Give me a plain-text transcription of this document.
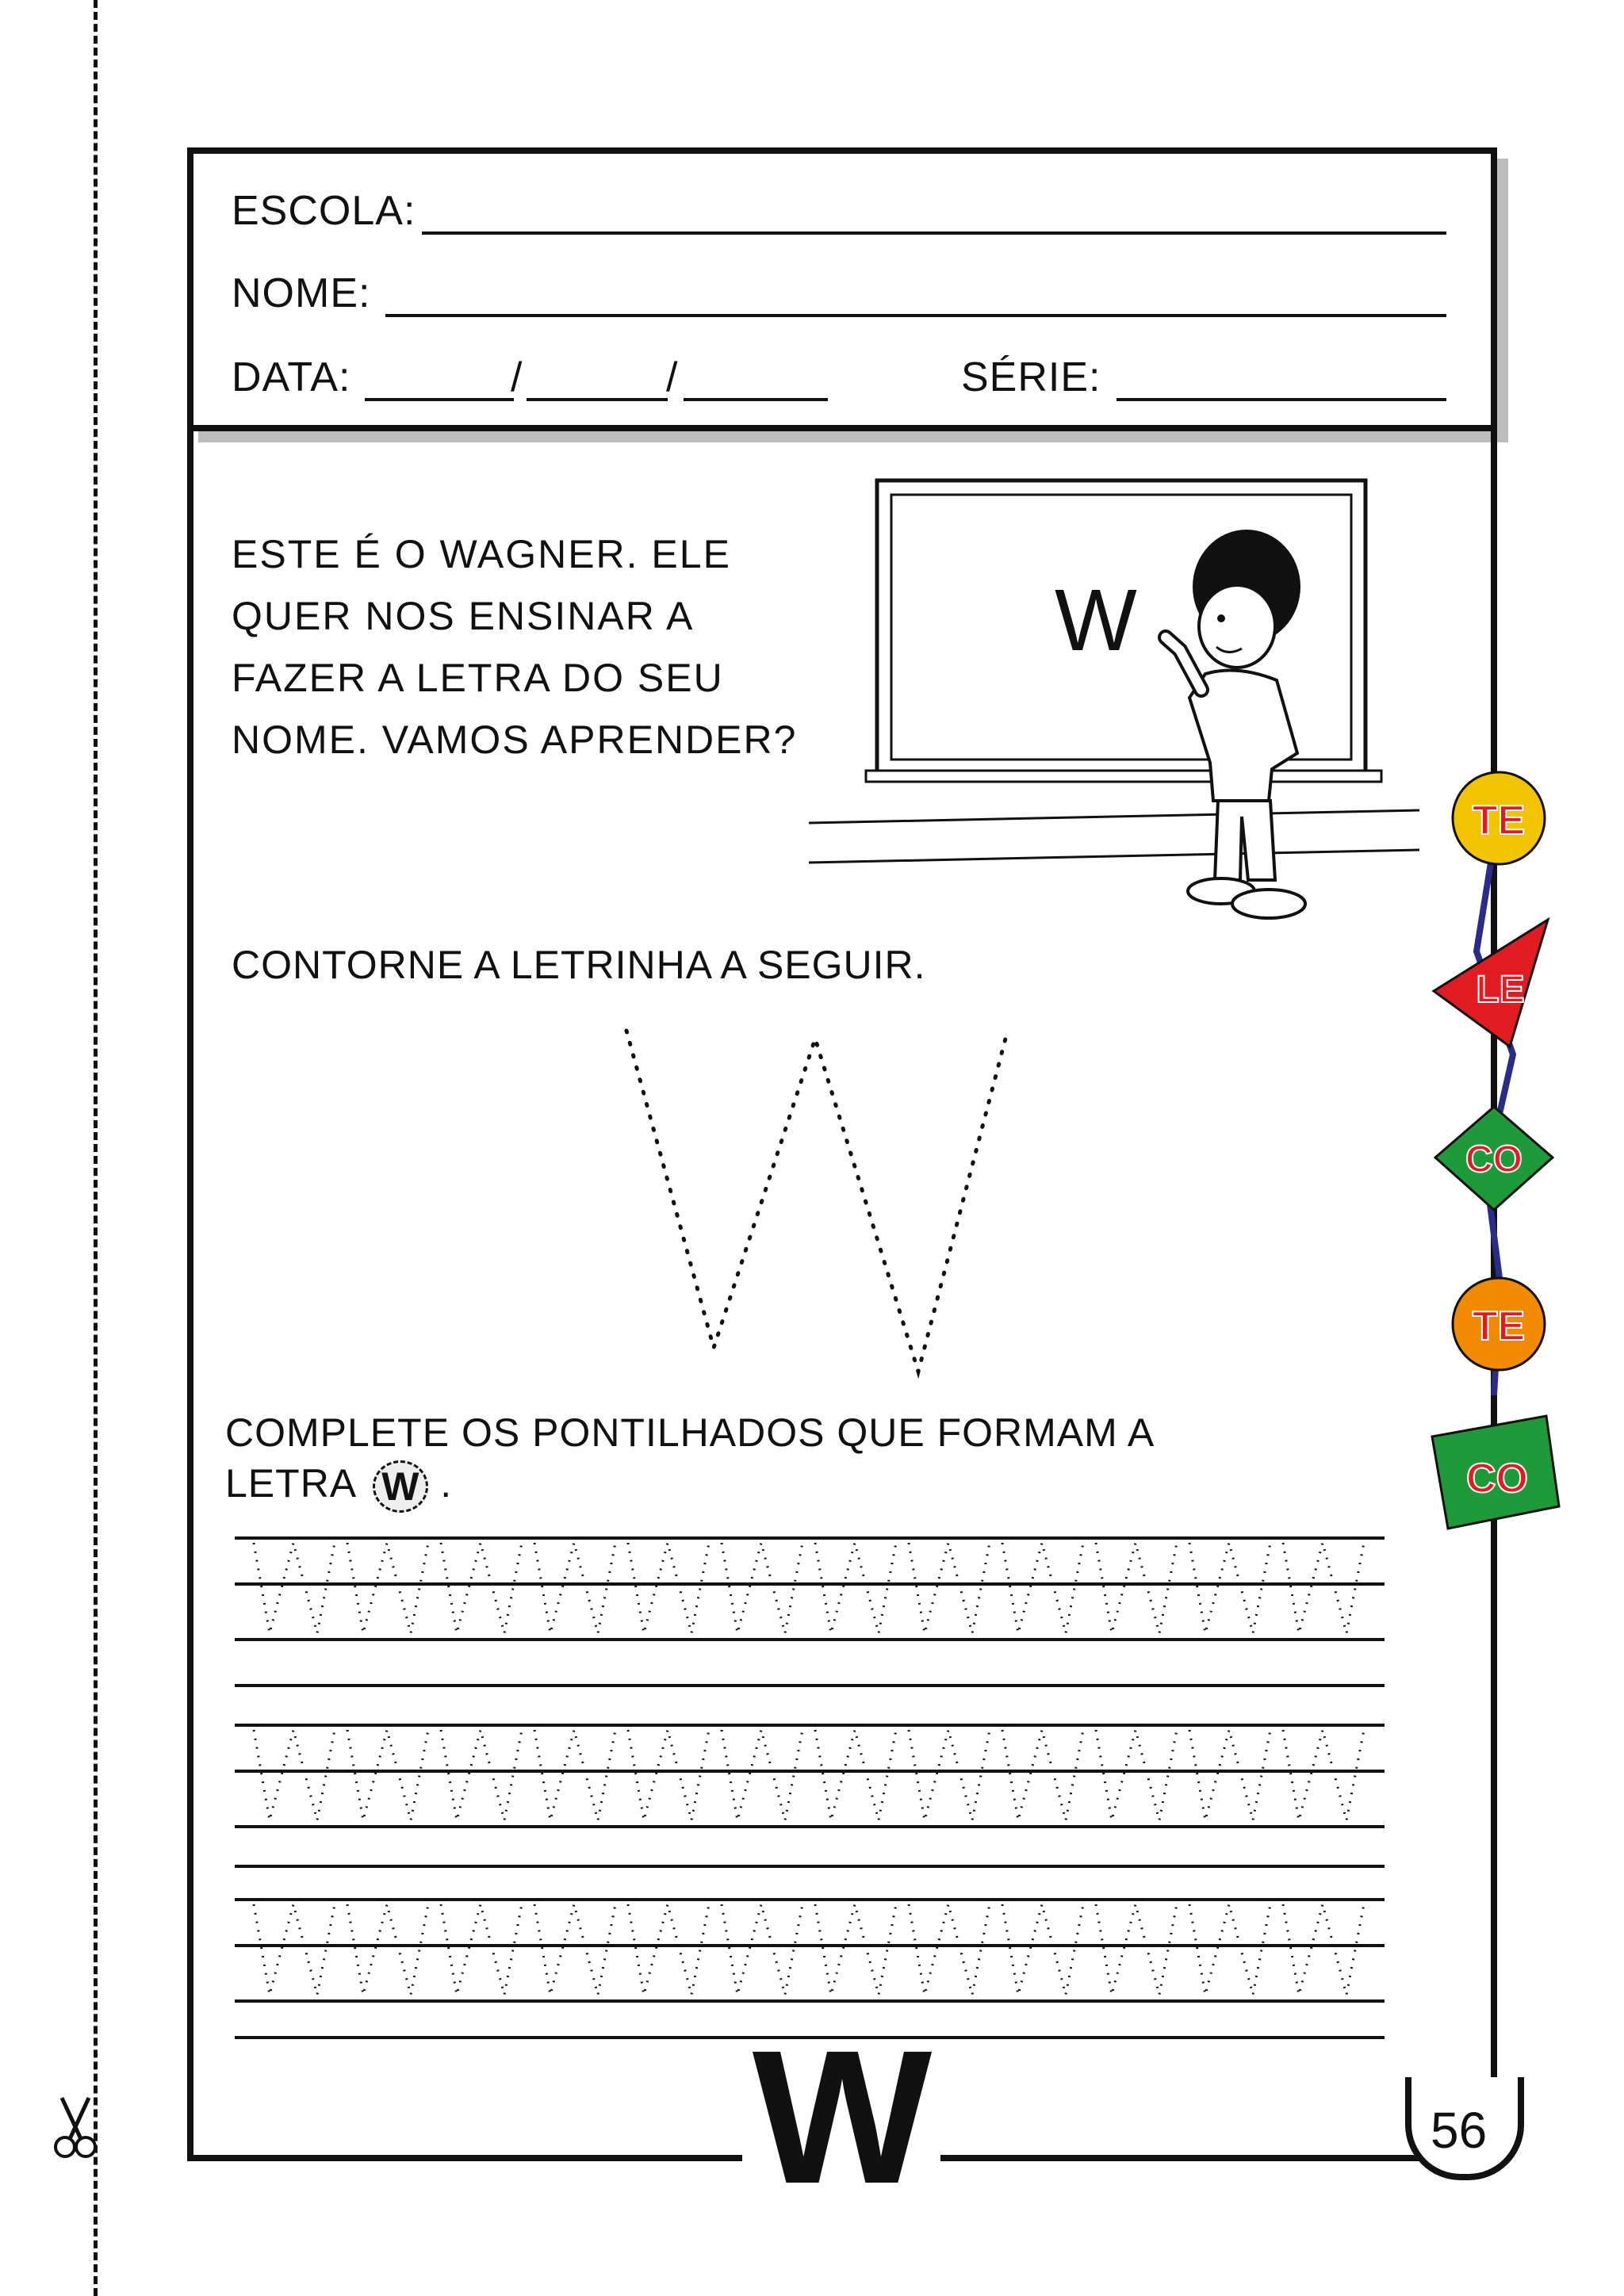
ESCOLA:
NOME:
DATA:	/	/	SÉRIE:
ESTE É O WAGNER. ELE
QUER NOS ENSINAR A
FAZER A LETRA DO SEU
NOME. VAMOS APRENDER?
W
CONTORNE A LETRINHA A SEGUIR.
COMPLETE OS PONTILHADOS QUE FORMAM A
LETRA W .
TE
LE
CO
TE
CO
W	56
